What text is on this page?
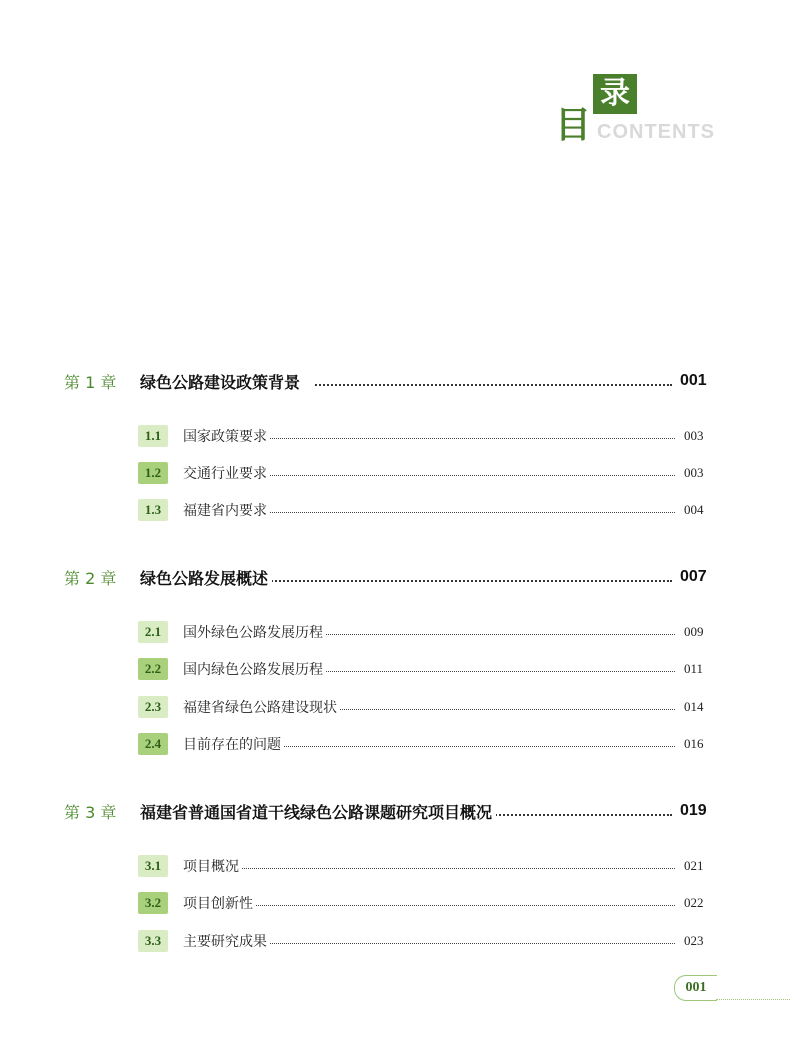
录
目 CONTENTS
第 1 章	绿色公路建设政策背景	001
1.1	国家政策要求	003
1.2	交通行业要求	003
1.3	福建省内要求	004
第 2 章	绿色公路发展概述	007
2.1	国外绿色公路发展历程	009
2.2	国内绿色公路发展历程	011
2.3	福建省绿色公路建设现状	014
2.4	目前存在的问题	016
第 3 章	福建省普通国省道干线绿色公路课题研究项目概况	019
3.1	项目概况	021
3.2	项目创新性	022
3.3	主要研究成果	023
001
